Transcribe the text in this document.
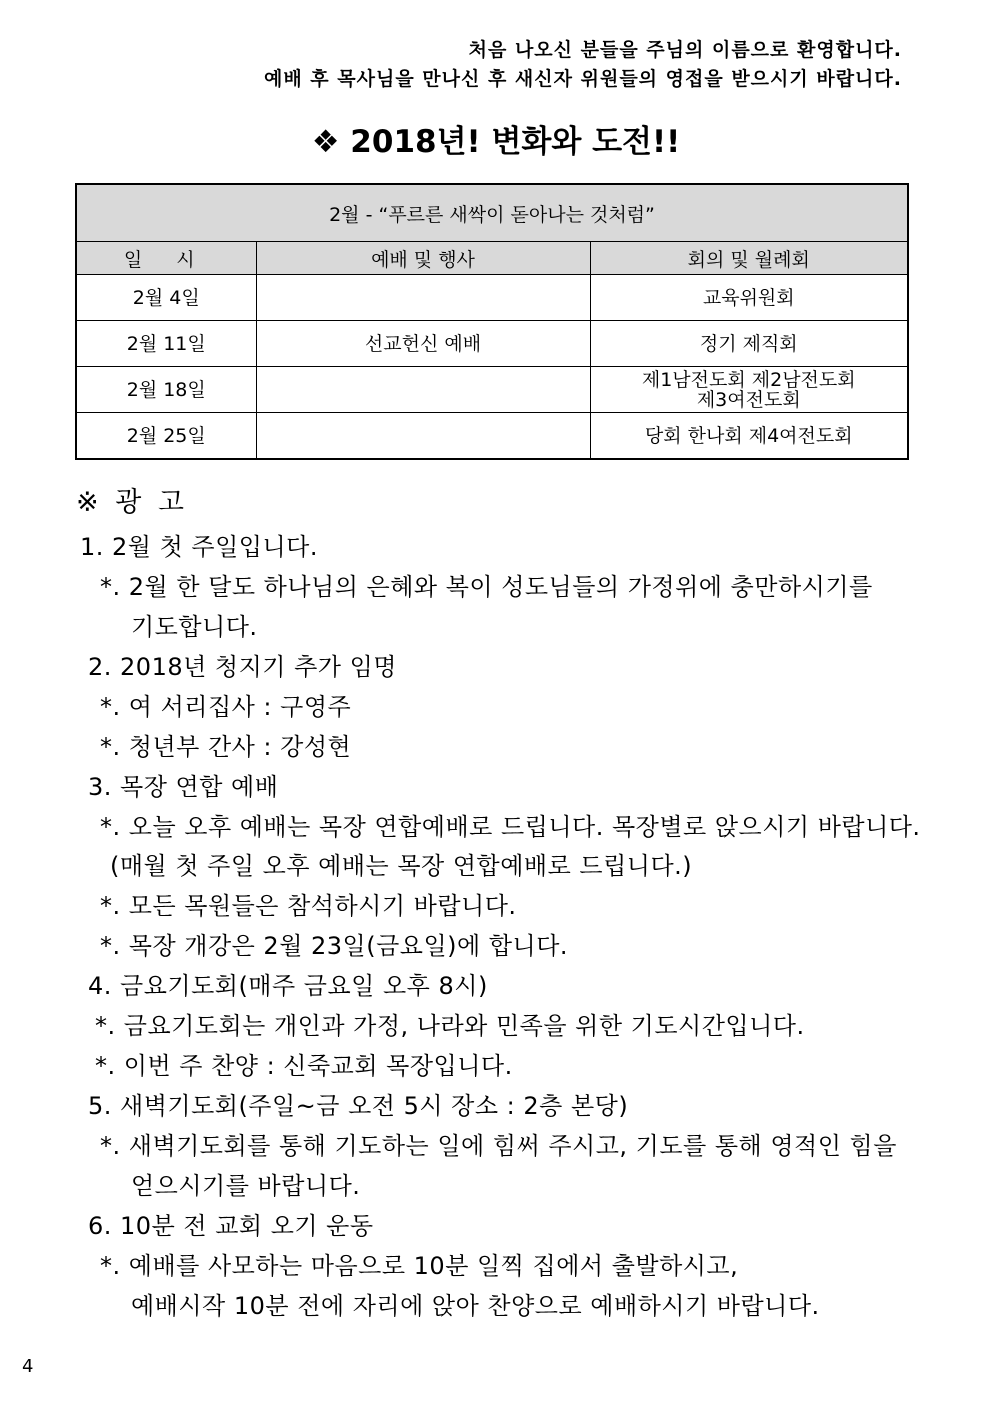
처음 나오신 분들을 주님의 이름으로 환영합니다.
예배 후 목사님을 만나신 후 새신자 위원들의 영접을 받으시기 바랍니다.
❖ 2018년! 변화와 도전!!
2월 - “푸르른 새싹이 돋아나는 것처럼”		
일 시	예배 및 행사	회의 및 월례회
2월 4일		교육위원회
2월 11일	선교헌신 예배	정기 제직회
2월 18일		제1남전도회 제2남전도회
제3여전도회
2월 25일		당회 한나회 제4여전도회
※ 광 고
1. 2월 첫 주일입니다.
*. 2월 한 달도 하나님의 은혜와 복이 성도님들의 가정위에 충만하시기를
기도합니다.
2. 2018년 청지기 추가 임명
*. 여 서리집사 : 구영주
*. 청년부 간사 : 강성현
3. 목장 연합 예배
*. 오늘 오후 예배는 목장 연합예배로 드립니다. 목장별로 앉으시기 바랍니다.
(매월 첫 주일 오후 예배는 목장 연합예배로 드립니다.)
*. 모든 목원들은 참석하시기 바랍니다.
*. 목장 개강은 2월 23일(금요일)에 합니다.
4. 금요기도회(매주 금요일 오후 8시)
*. 금요기도회는 개인과 가정, 나라와 민족을 위한 기도시간입니다.
*. 이번 주 찬양 : 신죽교회 목장입니다.
5. 새벽기도회(주일~금 오전 5시 장소 : 2층 본당)
*. 새벽기도회를 통해 기도하는 일에 힘써 주시고, 기도를 통해 영적인 힘을
얻으시기를 바랍니다.
6. 10분 전 교회 오기 운동
*. 예배를 사모하는 마음으로 10분 일찍 집에서 출발하시고,
예배시작 10분 전에 자리에 앉아 찬양으로 예배하시기 바랍니다.
4
